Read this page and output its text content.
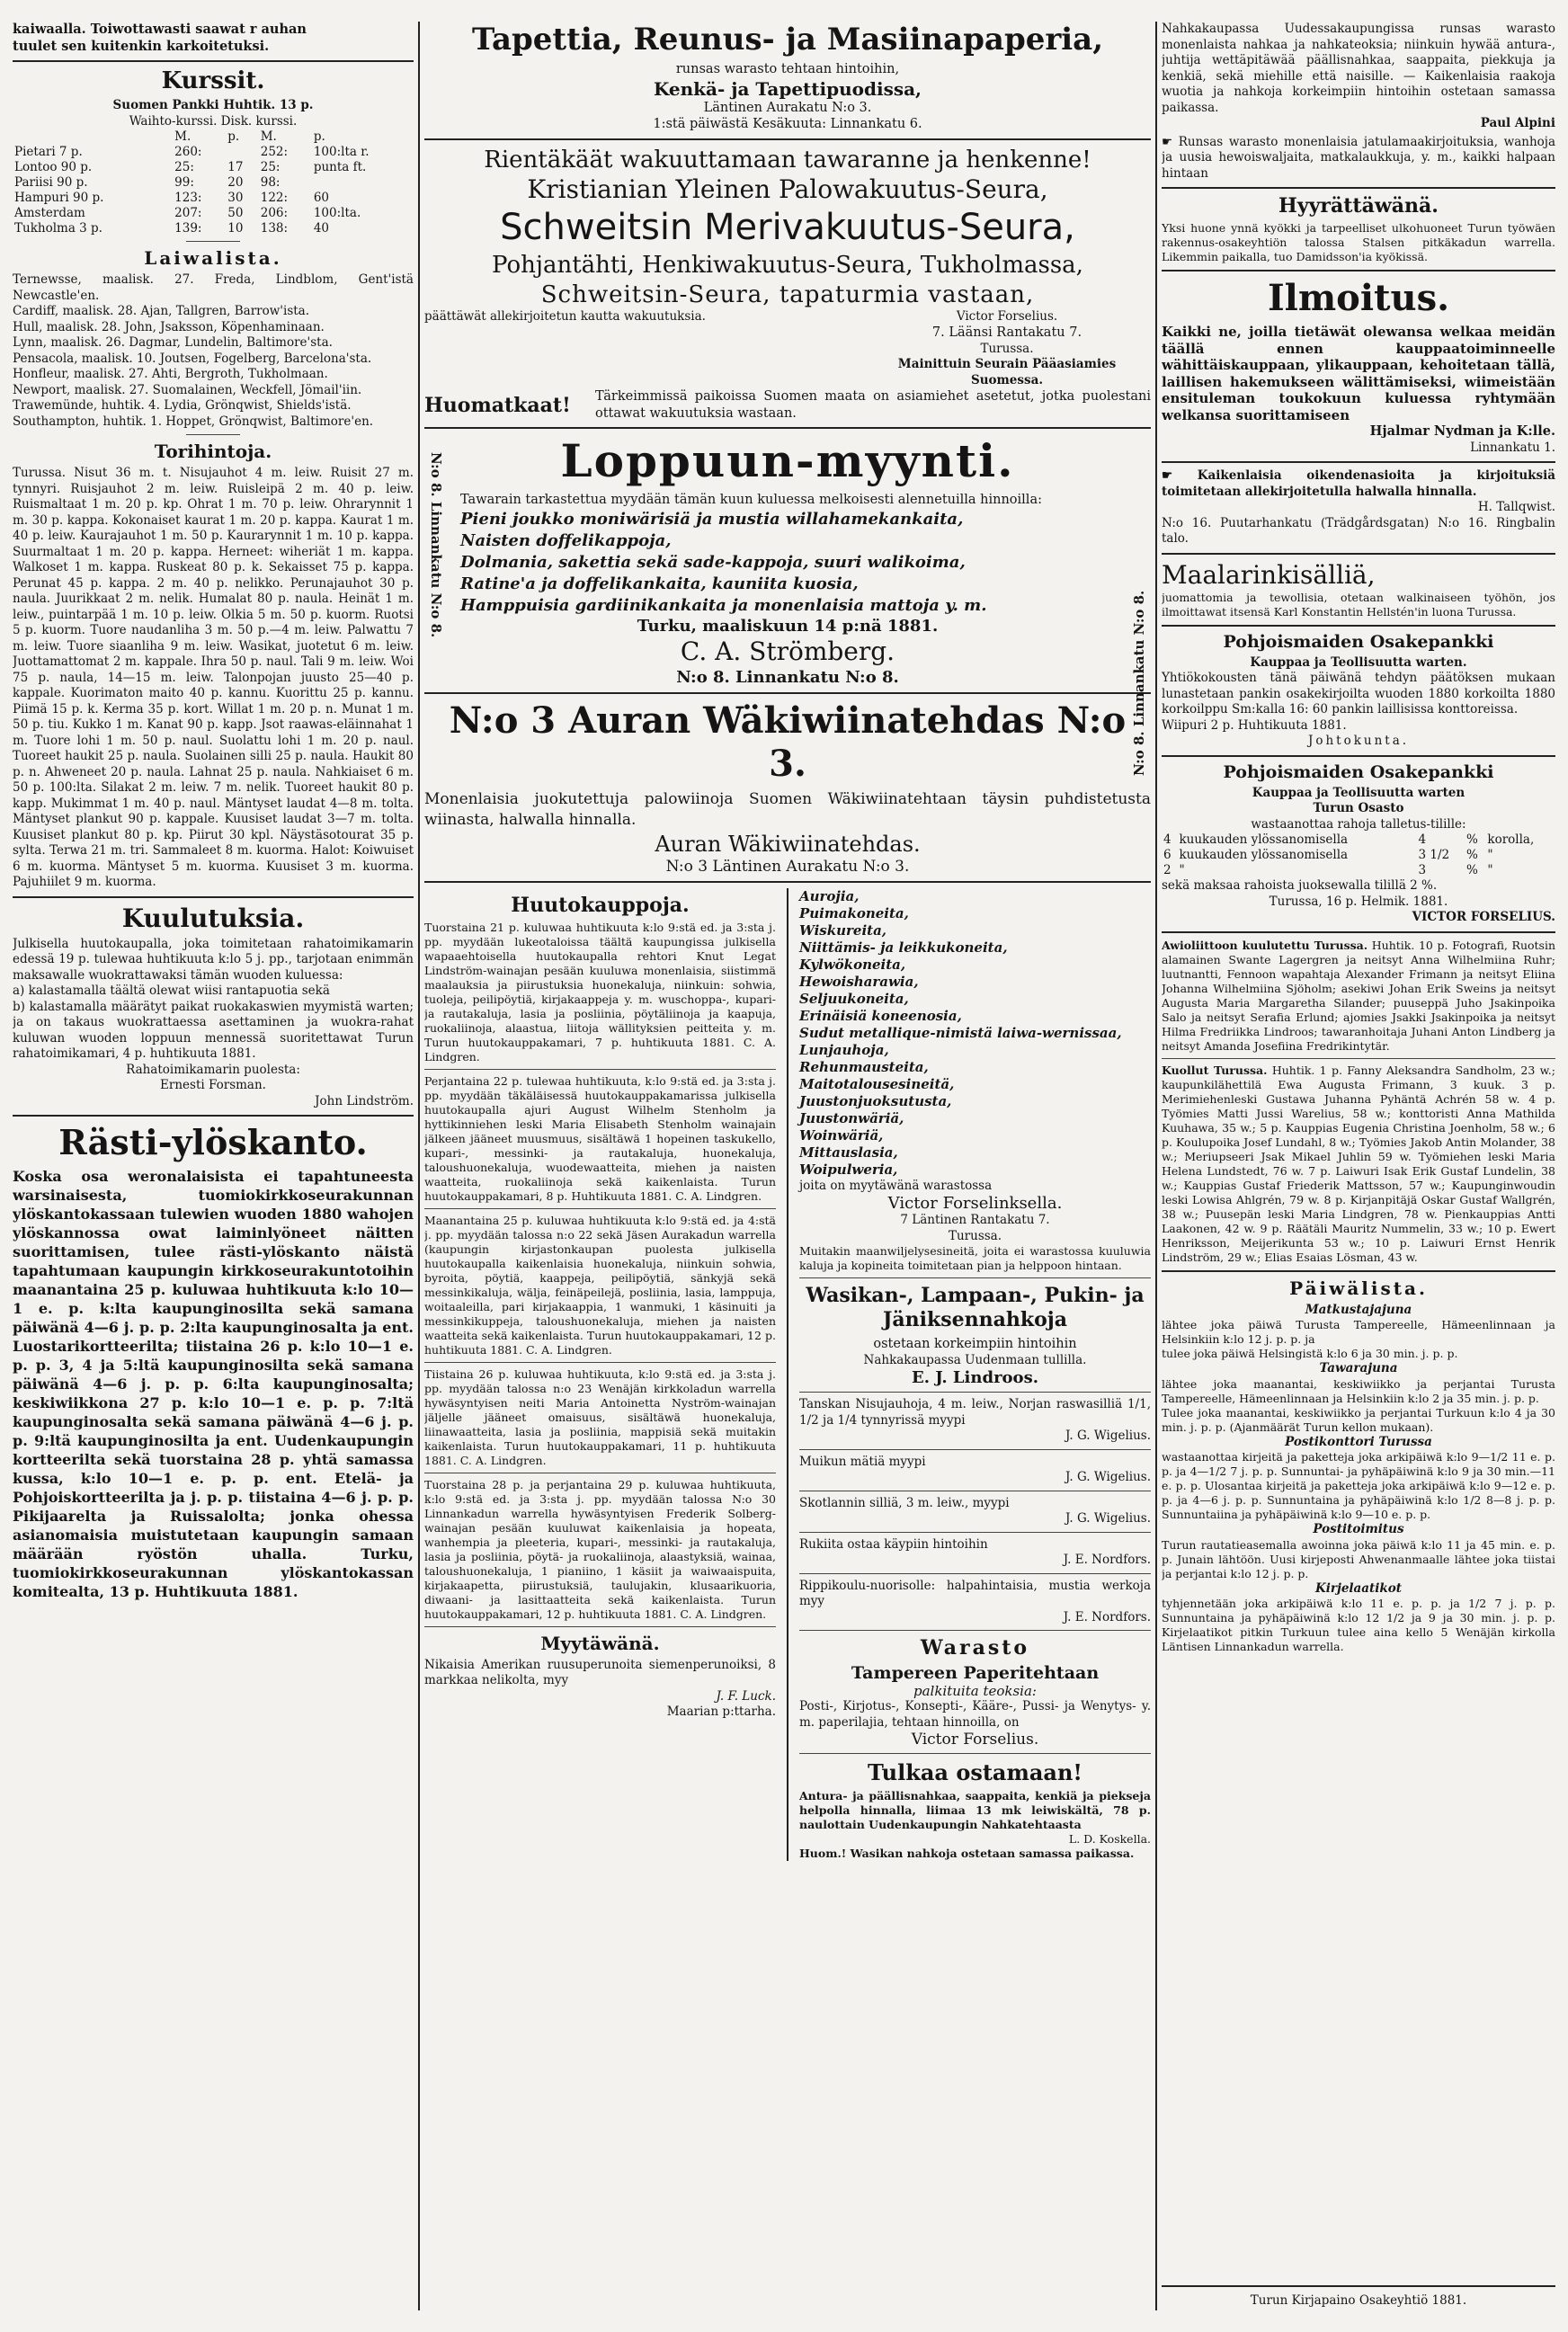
kaiwaalla. Toiwottawasti saawat r auhan

tuulet sen kuitenkin karkoitetuksi.

Kurssit.

Suomen Pankki Huhtik. 13 p.

Waihto-kurssi. Disk. kurssi.

	M.	p.	M.	p.
Pietari 7 p.	260:		252:	100:lta r.
Lontoo 90 p.	25:	17	25:	punta ft.
Pariisi 90 p.	99:	20	98:	
Hampuri 90 p.	123:	30	122:	60
Amsterdam	207:	50	206:	100:lta.
Tukholma 3 p.	139:	10	138:	40
Laiwalista.

Ternewsse, maalisk. 27. Freda, Lindblom, Gent'istä Newcastle'en.

Cardiff, maalisk. 28. Ajan, Tallgren, Barrow'ista.

Hull, maalisk. 28. John, Jsaksson, Köpenhaminaan.

Lynn, maalisk. 26. Dagmar, Lundelin, Baltimore'sta.

Pensacola, maalisk. 10. Joutsen, Fogelberg, Barcelona'sta.

Honfleur, maalisk. 27. Ahti, Bergroth, Tukholmaan.

Newport, maalisk. 27. Suomalainen, Weckfell, Jömail'iin.

Trawemünde, huhtik. 4. Lydia, Grönqwist, Shields'istä.

Southampton, huhtik. 1. Hoppet, Grönqwist, Baltimore'en.

Torihintoja.

Turussa. Nisut 36 m. t. Nisujauhot 4 m. leiw. Ruisit 27 m. tynnyri. Ruisjauhot 2 m. leiw. Ruisleipä 2 m. 40 p. leiw. Ruismaltaat 1 m. 20 p. kp. Ohrat 1 m. 70 p. leiw. Ohrarynnit 1 m. 30 p. kappa. Kokonaiset kaurat 1 m. 20 p. kappa. Kaurat 1 m. 40 p. leiw. Kaurajauhot 1 m. 50 p. Kaurarynnit 1 m. 10 p. kappa. Suurmaltaat 1 m. 20 p. kappa. Herneet: wiheriät 1 m. kappa. Walkoset 1 m. kappa. Ruskeat 80 p. k. Sekaisset 75 p. kappa. Perunat 45 p. kappa. 2 m. 40 p. nelikko. Perunajauhot 30 p. naula. Juurikkaat 2 m. nelik. Humalat 80 p. naula. Heinät 1 m. leiw., puintarpää 1 m. 10 p. leiw. Olkia 5 m. 50 p. kuorm. Ruotsi 5 p. kuorm. Tuore naudanliha 3 m. 50 p.—4 m. leiw. Palwattu 7 m. leiw. Tuore siaanliha 9 m. leiw. Wasikat, juotetut 6 m. leiw. Juottamattomat 2 m. kappale. Ihra 50 p. naul. Tali 9 m. leiw. Woi 75 p. naula, 14—15 m. leiw. Talonpojan juusto 25—40 p. kappale. Kuorimaton maito 40 p. kannu. Kuorittu 25 p. kannu. Piimä 15 p. k. Kerma 35 p. kort. Willat 1 m. 20 p. n. Munat 1 m. 50 p. tiu. Kukko 1 m. Kanat 90 p. kapp. Jsot raawas-eläinnahat 1 m. Tuore lohi 1 m. 50 p. naul. Suolattu lohi 1 m. 20 p. naul. Tuoreet haukit 25 p. naula. Suolainen silli 25 p. naula. Haukit 80 p. n. Ahweneet 20 p. naula. Lahnat 25 p. naula. Nahkiaiset 6 m. 50 p. 100:lta. Silakat 2 m. leiw. 7 m. nelik. Tuoreet haukit 80 p. kapp. Mukimmat 1 m. 40 p. naul. Mäntyset laudat 4—8 m. tolta. Mäntyset plankut 90 p. kappale. Kuusiset laudat 3—7 m. tolta. Kuusiset plankut 80 p. kp. Piirut 30 kpl. Näystäsotourat 35 p. sylta. Terwa 21 m. tri. Sammaleet 8 m. kuorma. Halot: Koiwuiset 6 m. kuorma. Mäntyset 5 m. kuorma. Kuusiset 3 m. kuorma. Pajuhiilet 9 m. kuorma.

Kuulutuksia.

Julkisella huutokaupalla, joka toimitetaan rahatoimikamarin edessä 19 p. tulewaa huhtikuuta k:lo 5 j. pp., tarjotaan enimmän maksawalle wuokrattawaksi tämän wuoden kuluessa:

a) kalastamalla täältä olewat wiisi rantapuotia sekä

b) kalastamalla määrätyt paikat ruokakaswien myymistä warten; ja on takaus wuokrattaessa asettaminen ja wuokra-rahat kuluwan wuoden loppuun mennessä suoritettawat Turun rahatoimikamari, 4 p. huhtikuuta 1881.

Rahatoimikamarin puolesta:

Ernesti Forsman.

John Lindström.

Rästi-ylöskanto.

Koska osa weronalaisista ei tapahtuneesta warsinaisesta, tuomiokirkkoseurakunnan ylöskantokassaan tulewien wuoden 1880 wahojen ylöskannossa owat laiminlyöneet näitten suorittamisen, tulee rästi-ylöskanto näistä tapahtumaan kaupungin kirkkoseurakuntotoihin maanantaina 25 p. kuluwaa huhtikuuta k:lo 10—1 e. p. k:lta kaupunginosilta sekä samana päiwänä 4—6 j. p. p. 2:lta kaupunginosalta ja ent. Luostarikortteerilta; tiistaina 26 p. k:lo 10—1 e. p. p. 3, 4 ja 5:ltä kaupunginosilta sekä samana päiwänä 4—6 j. p. p. 6:lta kaupunginosalta; keskiwiikkona 27 p. k:lo 10—1 e. p. p. 7:ltä kaupunginosalta sekä samana päiwänä 4—6 j. p. p. 9:ltä kaupunginosilta ja ent. Uudenkaupungin kortteerilta sekä tuorstaina 28 p. yhtä samassa kussa, k:lo 10—1 e. p. p. ent. Etelä- ja Pohjoiskortteerilta ja j. p. p. tiistaina 4—6 j. p. p. Pikijaarelta ja Ruissalolta; jonka ohessa asianomaisia muistutetaan kaupungin samaan määrään ryöstön uhalla. Turku, tuomiokirkkoseurakunnan ylöskantokassan komitealta, 13 p. Huhtikuuta 1881.

Tapettia, Reunus- ja Masiinapaperia,

runsas warasto tehtaan hintoihin,

Kenkä- ja Tapettipuodissa,

Läntinen Aurakatu N:o 3.

1:stä päiwästä Kesäkuuta: Linnankatu 6.

Rientäkäät wakuuttamaan tawaranne ja henkenne!

Kristianian Yleinen Palowakuutus-Seura,

Schweitsin Merivakuutus-Seura,

Pohjantähti, Henkiwakuutus-Seura, Tukholmassa,

Schweitsin-Seura, tapaturmia vastaan,

päättäwät allekirjoitetun kautta wakuutuksia.	Victor Forselius.

7. Läänsi Rantakatu 7.

Turussa.

Mainittuin Seurain Pääasiamies Suomessa.

Huomatkaat!	Tärkeimmissä paikoissa Suomen maata on asiamiehet asetetut, jotka puolestani ottawat wakuutuksia wastaan.

N:o 8. Linnankatu N:o 8.
N:o 8. Linnankatu N:o 8.
Loppuun-myynti.

Tawarain tarkastettua myydään tämän kuun kuluessa melkoisesti alennetuilla hinnoilla:

Pieni joukko moniwärisiä ja mustia willahamekankaita,

Naisten doffelikappoja,

Dolmania, sakettia sekä sade-kappoja, suuri walikoima,

Ratine'a ja doffelikankaita, kauniita kuosia,

Hamppuisia gardiinikankaita ja monenlaisia mattoja y. m.

Turku, maaliskuun 14 p:nä 1881.

C. A. Strömberg.

N:o 8. Linnankatu N:o 8.

N:o 3 Auran Wäkiwiinatehdas N:o 3.

Monenlaisia juokutettuja palowiinoja Suomen Wäkiwiinatehtaan täysin puhdistetusta wiinasta, halwalla hinnalla.

Auran Wäkiwiinatehdas.

N:o 3 Läntinen Aurakatu N:o 3.

Huutokauppoja.

Tuorstaina 21 p. kuluwaa huhtikuuta k:lo 9:stä ed. ja 3:sta j. pp. myydään lukeotaloissa täältä kaupungissa julkisella wapaaehtoisella huutokaupalla rehtori Knut Legat Lindström-wainajan pesään kuuluwa monenlaisia, siistimmä maalauksia ja piirustuksia huonekaluja, niinkuin: sohwia, tuoleja, peilipöytiä, kirjakaappeja y. m. wuschoppa-, kupari- ja rautakaluja, lasia ja posliinia, pöytäliinoja ja kaapuja, ruokaliinoja, alaastua, liitoja wällityksien peitteita y. m. Turun huutokauppakamari, 7 p. huhtikuuta 1881. C. A. Lindgren.

Perjantaina 22 p. tulewaa huhtikuuta, k:lo 9:stä ed. ja 3:sta j. pp. myydään täkäläisessä huutokauppakamarissa julkisella huutokaupalla ajuri August Wilhelm Stenholm ja hyttikinniehen leski Maria Elisabeth Stenholm wainajain jälkeen jääneet muusmuus, sisältäwä 1 hopeinen taskukello, kupari-, messinki- ja rautakaluja, huonekaluja, taloushuonekaluja, wuodewaatteita, miehen ja naisten waatteita, ruokaliinoja sekä kaikenlaista. Turun huutokauppakamari, 8 p. Huhtikuuta 1881. C. A. Lindgren.

Maanantaina 25 p. kuluwaa huhtikuuta k:lo 9:stä ed. ja 4:stä j. pp. myydään talossa n:o 22 sekä Jäsen Aurakadun warrella (kaupungin kirjastonkaupan puolesta julkisella huutokaupalla kaikenlaisia huonekaluja, niinkuin sohwia, byroita, pöytiä, kaappeja, peilipöytiä, sänkyjä sekä messinkikaluja, wälja, feinäpeilejä, posliinia, lasia, lamppuja, woitaaleilla, pari kirjakaappia, 1 wanmuki, 1 käsinuiti ja messinkikuppeja, taloushuonekaluja, miehen ja naisten waatteita sekä kaikenlaista. Turun huutokauppakamari, 12 p. huhtikuuta 1881. C. A. Lindgren.

Tiistaina 26 p. kuluwaa huhtikuuta, k:lo 9:stä ed. ja 3:sta j. pp. myydään talossa n:o 23 Wenäjän kirkkoladun warrella hywäsyntyisen neiti Maria Antoinetta Nyström-wainajan jäljelle jääneet omaisuus, sisältäwä huonekaluja, liinawaatteita, lasia ja posliinia, mappisiä sekä muitakin kaikenlaista. Turun huutokauppakamari, 11 p. huhtikuuta 1881. C. A. Lindgren.

Tuorstaina 28 p. ja perjantaina 29 p. kuluwaa huhtikuuta, k:lo 9:stä ed. ja 3:sta j. pp. myydään talossa N:o 30 Linnankadun warrella hywäsyntyisen Frederik Solberg-wainajan pesään kuuluwat kaikenlaisia ja hopeata, wanhempia ja pleeteria, kupari-, messinki- ja rautakaluja, lasia ja posliinia, pöytä- ja ruokaliinoja, alaastyksiä, wainaa, taloushuonekaluja, 1 pianiino, 1 käsiit ja waiwaaispuita, kirjakaapetta, piirustuksiä, taulujakin, klusaarikuoria, diwaani- ja lasittaatteita sekä kaikenlaista. Turun huutokauppakamari, 12 p. huhtikuuta 1881. C. A. Lindgren.

Myytäwänä.

Nikaisia Amerikan ruusuperunoita siemenperunoiksi, 8 markkaa nelikolta, myy

J. F. Luck.

Maarian p:ttarha.

Aurojia,

Puimakoneita,

Wiskureita,

Niittämis- ja leikkukoneita,

Kylwökoneita,

Hewoisharawia,

Seljuukoneita,

Erinäisiä koneenosia,

Sudut metallique-nimistä laiwa-wernissaa,

Lunjauhoja,

Rehunmausteita,

Maitotalousesineitä,

Juustonjuoksutusta,

Juustonwäriä,

Woinwäriä,

Mittauslasia,

Woipulweria,

joita on myytäwänä warastossa

Victor Forselinksella.

7 Läntinen Rantakatu 7.

Turussa.

Muitakin maanwiljelysesineitä, joita ei warastossa kuuluwia kaluja ja kopineita toimitetaan pian ja helppoon hintaan.

Wasikan-, Lampaan-, Pukin- ja Jäniksennahkoja

ostetaan korkeimpiin hintoihin

Nahkakaupassa Uudenmaan tullilla.

E. J. Lindroos.

Tanskan Nisujauhoja, 4 m. leiw., Norjan raswasilliä 1/1, 1/2 ja 1/4 tynnyrissä myypi

J. G. Wigelius.

Muikun mätiä myypi

J. G. Wigelius.

Skotlannin silliä, 3 m. leiw., myypi

J. G. Wigelius.

Rukiita ostaa käypiin hintoihin

J. E. Nordfors.

Rippikoulu-nuorisolle: halpahintaisia, mustia werkoja myy

J. E. Nordfors.

Warasto

Tampereen Paperitehtaan

palkituita teoksia:

Posti-, Kirjotus-, Konsepti-, Kääre-, Pussi- ja Wenytys- y. m. paperilajia, tehtaan hinnoilla, on

Victor Forselius.

Tulkaa ostamaan!

Antura- ja päällisnahkaa, saappaita, kenkiä ja piekseja helpolla hinnalla, liimaa 13 mk leiwiskältä, 78 p. naulottain Uudenkaupungin Nahkatehtaasta

L. D. Koskella.

Huom.! Wasikan nahkoja ostetaan samassa paikassa.

Nahkakaupassa Uudessakaupungissa runsas warasto monenlaista nahkaa ja nahkateoksia; niinkuin hywää antura-, juhtija wettäpitäwää päällisnahkaa, saappaita, piekkuja ja kenkiä, sekä miehille että naisille. — Kaikenlaisia raakoja wuotia ja nahkoja korkeimpiin hintoihin ostetaan samassa paikassa.

Paul Alpini

☛ Runsas warasto monenlaisia jatulamaakirjoituksia, wanhoja ja uusia hewoiswaljaita, matkalaukkuja, y. m., kaikki halpaan hintaan

Hyyrättäwänä.

Yksi huone ynnä kyökki ja tarpeelliset ulkohuoneet Turun työwäen rakennus-osakeyhtiön talossa Stalsen pitkäkadun warrella. Likemmin paikalla, tuo Damidsson'ia kyökissä.

Ilmoitus.

Kaikki ne, joilla tietäwät olewansa welkaa meidän täällä ennen kauppaatoiminneelle wähittäiskauppaan, ylikauppaan, kehoitetaan tällä, laillisen hakemukseen wälittämiseksi, wiimeistään ensituleman toukokuun kuluessa ryhtymään welkansa suorittamiseen

Hjalmar Nydman ja K:lle.

Linnankatu 1.

☛ Kaikenlaisia oikendenasioita ja kirjoituksiä toimitetaan allekirjoitetulla halwalla hinnalla.

H. Tallqwist.

N:o 16. Puutarhankatu (Trädgårdsgatan) N:o 16. Ringbalin talo.

Maalarinkisälliä,

juomattomia ja tewollisia, otetaan walkinaiseen työhön, jos ilmoittawat itsensä Karl Konstantin Hellstén'in luona Turussa.

Pohjoismaiden Osakepankki

Kauppaa ja Teollisuutta warten.

Yhtiökokousten tänä päiwänä tehdyn päätöksen mukaan lunastetaan pankin osakekirjoilta wuoden 1880 korkoilta 1880 korkoilppu Sm:kalla 16: 60 pankin laillisissa konttoreissa.

Wiipuri 2 p. Huhtikuuta 1881.

Johtokunta.

Pohjoismaiden Osakepankki

Kauppaa ja Teollisuutta warten

Turun Osasto

wastaanottaa rahoja talletus-tilille:

4	kuukauden ylössanomisella	4	%	korolla,
6	kuukauden ylössanomisella	3 1/2	%	"
2	"	3	%	"

sekä maksaa rahoista juoksewalla tilillä 2 %.

Turussa, 16 p. Helmik. 1881.

VICTOR FORSELIUS.

Awioliittoon kuulutettu Turussa. Huhtik. 10 p. Fotografi, Ruotsin alamainen Swante Lagergren ja neitsyt Anna Wilhelmiina Ruhr; luutnantti, Fennoon wapahtaja Alexander Frimann ja neitsyt Eliina Johanna Wilhelmiina Sjöholm; asekiwi Johan Erik Sweins ja neitsyt Augusta Maria Margaretha Silander; puuseppä Juho Jsakinpoika Salo ja neitsyt Serafia Erlund; ajomies Jsakki Jsakinpoika ja neitsyt Hilma Fredriikka Lindroos; tawaranhoitaja Juhani Anton Lindberg ja neitsyt Amanda Josefiina Fredrikintytär.

Kuollut Turussa. Huhtik. 1 p. Fanny Aleksandra Sandholm, 23 w.; kaupunkilähettilä Ewa Augusta Frimann, 3 kuuk. 3 p. Merimiehenleski Gustawa Juhanna Pyhäntä Achrén 58 w. 4 p. Työmies Matti Jussi Warelius, 58 w.; konttoristi Anna Mathilda Kuuhawa, 35 w.; 5 p. Kauppias Eugenia Christina Joenholm, 58 w.; 6 p. Koulupoika Josef Lundahl, 8 w.; Työmies Jakob Antin Molander, 38 w.; Meriupseeri Jsak Mikael Juhlin 59 w. Työmiehen leski Maria Helena Lundstedt, 76 w. 7 p. Laiwuri Isak Erik Gustaf Lundelin, 38 w.; Kauppias Gustaf Friederik Mattsson, 57 w.; Kaupunginwoudin leski Lowisa Ahlgrén, 79 w. 8 p. Kirjanpitäjä Oskar Gustaf Wallgrén, 38 w.; Puusepän leski Maria Lindgren, 78 w. Pienkauppias Antti Laakonen, 42 w. 9 p. Räätäli Mauritz Nummelin, 33 w.; 10 p. Ewert Henriksson, Meijerikunta 53 w.; 10 p. Laiwuri Ernst Henrik Lindström, 29 w.; Elias Esaias Lösman, 43 w.

Päiwälista.

Matkustajajuna

lähtee joka päiwä Turusta Tampereelle, Hämeenlinnaan ja Helsinkiin k:lo 12 j. p. p. ja

tulee joka päiwä Helsingistä k:lo 6 ja 30 min. j. p. p.

Tawarajuna

lähtee joka maanantai, keskiwiikko ja perjantai Turusta Tampereelle, Hämeenlinnaan ja Helsinkiin k:lo 2 ja 35 min. j. p. p.

Tulee joka maanantai, keskiwiikko ja perjantai Turkuun k:lo 4 ja 30 min. j. p. p. (Ajanmäärät Turun kellon mukaan).

Postikonttori Turussa

wastaanottaa kirjeitä ja paketteja joka arkipäiwä k:lo 9—1/2 11 e. p. p. ja 4—1/2 7 j. p. p. Sunnuntai- ja pyhäpäiwinä k:lo 9 ja 30 min.—11 e. p. p. Ulosantaa kirjeitä ja paketteja joka arkipäiwä k:lo 9—12 e. p. p. ja 4—6 j. p. p. Sunnuntaina ja pyhäpäiwinä k:lo 1/2 8—8 j. p. p. Sunnuntaiina ja pyhäpäiwinä k:lo 9—10 e. p. p.

Postitoimitus

Turun rautatieasemalla awoinna joka päiwä k:lo 11 ja 45 min. e. p. p. Junain lähtöön. Uusi kirjeposti Ahwenanmaalle lähtee joka tiistai ja perjantai k:lo 12 j. p. p.

Kirjelaatikot

tyhjennetään joka arkipäiwä k:lo 11 e. p. p. ja 1/2 7 j. p. p. Sunnuntaina ja pyhäpäiwinä k:lo 12 1/2 ja 9 ja 30 min. j. p. p. Kirjelaatikot pitkin Turkuun tulee aina kello 5 Wenäjän kirkolla Läntisen Linnankadun warrella.

Turun Kirjapaino Osakeyhtiö 1881.
